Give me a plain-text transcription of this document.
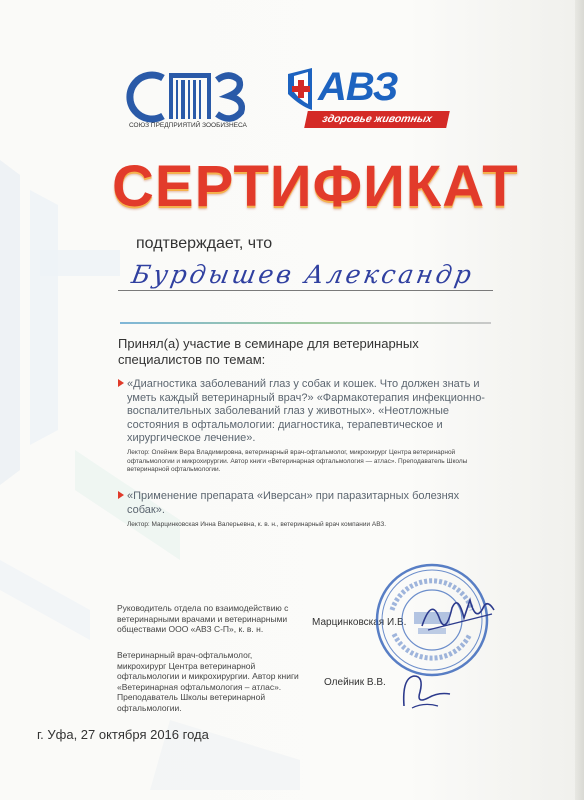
СОЮЗ ПРЕДПРИЯТИЙ ЗООБИЗНЕСА
АВЗ
здоровье животных
СЕРТИФИКАТ
подтверждает, что
Бурдышев Александр
Принял(а) участие в семинаре для ветеринарных специалистов по темам:
«Диагностика заболеваний глаз у собак и кошек. Что должен знать и уметь каждый ветеринарный врач?» «Фармакотерапия инфекционно-воспалительных заболеваний глаз у животных». «Неотложные состояния в офтальмологии: диагностика, терапевтическое и хирургическое лечение».
Лектор: Олейник Вера Владимировна, ветеринарный врач-офтальмолог, микрохирург Центра ветеринарной офтальмологии и микрохирургии. Автор книги «Ветеринарная офтальмология — атлас». Преподаватель Школы ветеринарной офтальмологии.
«Применение препарата «Иверсан» при паразитарных болезнях собак».
Лектор: Марцинковская Инна Валерьевна, к. в. н., ветеринарный врач компании АВЗ.
Руководитель отдела по взаимодействию с ветеринарными врачами и ветеринарными обществами ООО «АВЗ С-П», к. в. н.
Марцинковская И.В.
Ветеринарный врач-офтальмолог, микрохирург Центра ветеринарной офтальмологии и микрохирургии. Автор книги «Ветеринарная офтальмология – атлас». Преподаватель Школы ветеринарной офтальмологии.
Олейник В.В.
г. Уфа, 27 октября 2016 года
